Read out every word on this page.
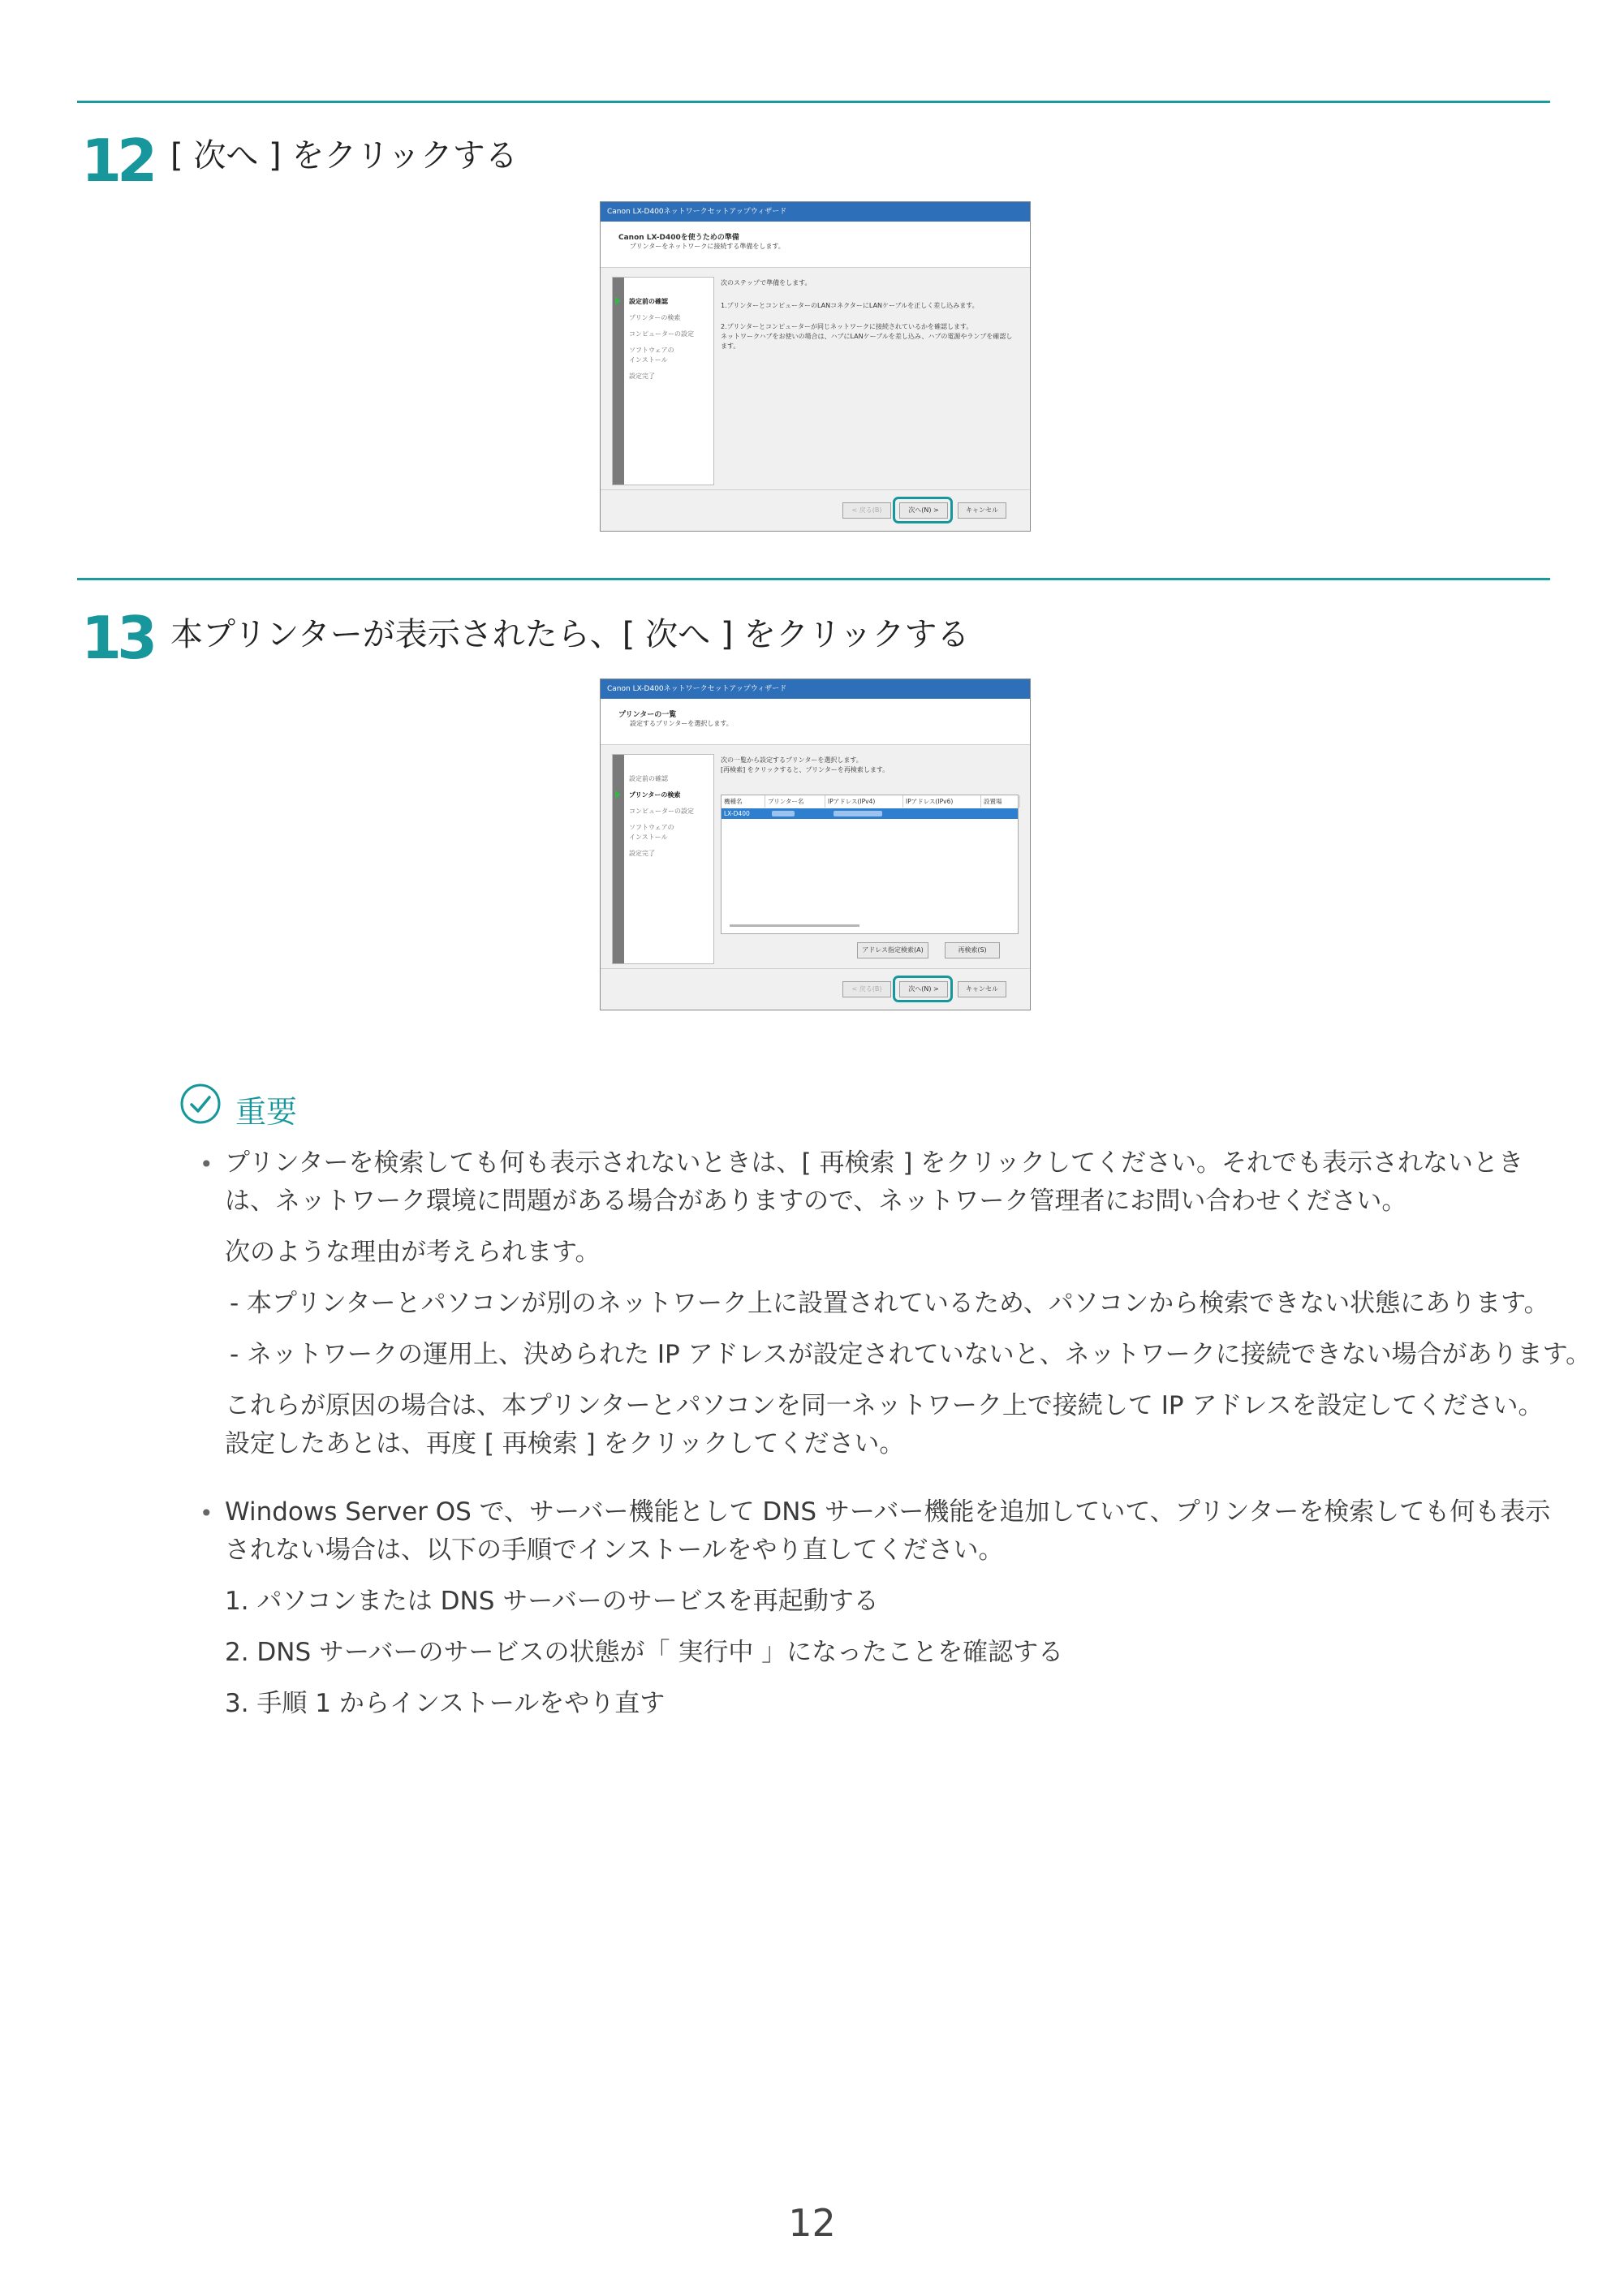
12 [ 次へ ] をクリックする
Canon LX-D400ネットワークセットアップウィザード
Canon LX-D400を使うための準備
プリンターをネットワークに接続する準備をします。
設定前の確認
プリンターの検索
コンピューターの設定
ソフトウェアの
インストール
設定完了
次のステップで準備をします。
1.プリンターとコンピューターのLANコネクターにLANケーブルを正しく差し込みます。
2.プリンターとコンピューターが同じネットワークに接続されているかを確認します。
ネットワークハブをお使いの場合は、ハブにLANケーブルを差し込み、ハブの電源やランプを確認し
ます。
< 戻る(B)	次へ(N) >	キャンセル
13 本プリンターが表示されたら、[ 次へ ] をクリックする
Canon LX-D400ネットワークセットアップウィザード
プリンターの一覧
設定するプリンターを選択します。
設定前の確認
プリンターの検索
コンピューターの設定
ソフトウェアの
インストール
設定完了
次の一覧から設定するプリンターを選択します。
[再検索] をクリックすると、プリンターを再検索します。
機種名	プリンター名	IPアドレス(IPv4)	IPアドレス(IPv6)	設置場
LX-D400
アドレス指定検索(A)	再検索(S)
< 戻る(B)	次へ(N) >	キャンセル
重要
• プリンターを検索しても何も表示されないときは、[ 再検索 ] をクリックしてください。それでも表示されないとき
は、ネットワーク環境に問題がある場合がありますので、ネットワーク管理者にお問い合わせください。
次のような理由が考えられます。
- 本プリンターとパソコンが別のネットワーク上に設置されているため、パソコンから検索できない状態にあります。
- ネットワークの運用上、決められた IP アドレスが設定されていないと、ネットワークに接続できない場合があります。
これらが原因の場合は、本プリンターとパソコンを同一ネットワーク上で接続して IP アドレスを設定してください。
設定したあとは、再度 [ 再検索 ] をクリックしてください。
• Windows Server OS で、サーバー機能として DNS サーバー機能を追加していて、プリンターを検索しても何も表示
されない場合は、以下の手順でインストールをやり直してください。
1. パソコンまたは DNS サーバーのサービスを再起動する
2. DNS サーバーのサービスの状態が「 実行中 」になったことを確認する
3. 手順 1 からインストールをやり直す
12
